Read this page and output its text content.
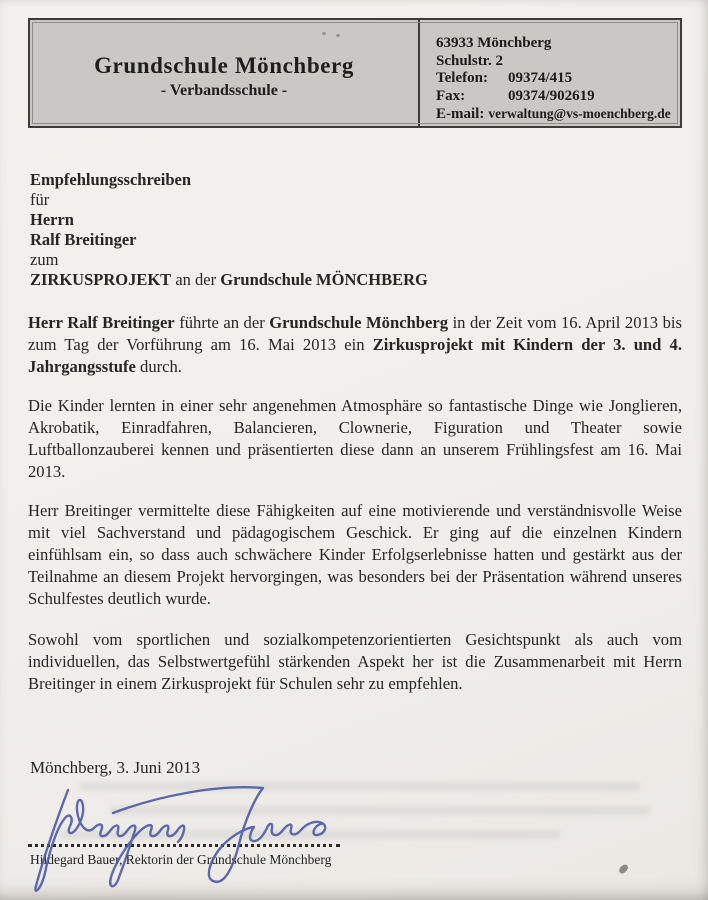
Grundschule Mönchberg
- Verbandsschule -
63933 Mönchberg
Schulstr. 2
Telefon: 09374/415
Fax:	09374/902619
E-mail: verwaltung@vs-moenchberg.de
Empfehlungsschreiben
für
Herrn
Ralf Breitinger
zum
ZIRKUSPROJEKT an der Grundschule MÖNCHBERG

Herr Ralf Breitinger führte an der Grundschule Mönchberg in der Zeit vom 16. April 2013 bis zum Tag der Vorführung am 16. Mai 2013 ein Zirkusprojekt mit Kindern der 3. und 4. Jahrgangsstufe durch.

Die Kinder lernten in einer sehr angenehmen Atmosphäre so fantastische Dinge wie Jonglieren, Akrobatik, Einradfahren, Balancieren, Clownerie, Figuration und Theater sowie Luftballonzauberei kennen und präsentierten diese dann an unserem Frühlingsfest am 16. Mai 2013.

Herr Breitinger vermittelte diese Fähigkeiten auf eine motivierende und verständnisvolle Weise mit viel Sachverstand und pädagogischem Geschick. Er ging auf die einzelnen Kindern einfühlsam ein, so dass auch schwächere Kinder Erfolgserlebnisse hatten und gestärkt aus der Teilnahme an diesem Projekt hervorgingen, was besonders bei der Präsentation während unseres Schulfestes deutlich wurde.

Sowohl vom sportlichen und sozialkompetenzorientierten Gesichtspunkt als auch vom individuellen, das Selbstwertgefühl stärkenden Aspekt her ist die Zusammenarbeit mit Herrn Breitinger in einem Zirkusprojekt für Schulen sehr zu empfehlen.

Mönchberg, 3. Juni 2013
Hildegard Bauer, Rektorin der Grundschule Mönchberg
